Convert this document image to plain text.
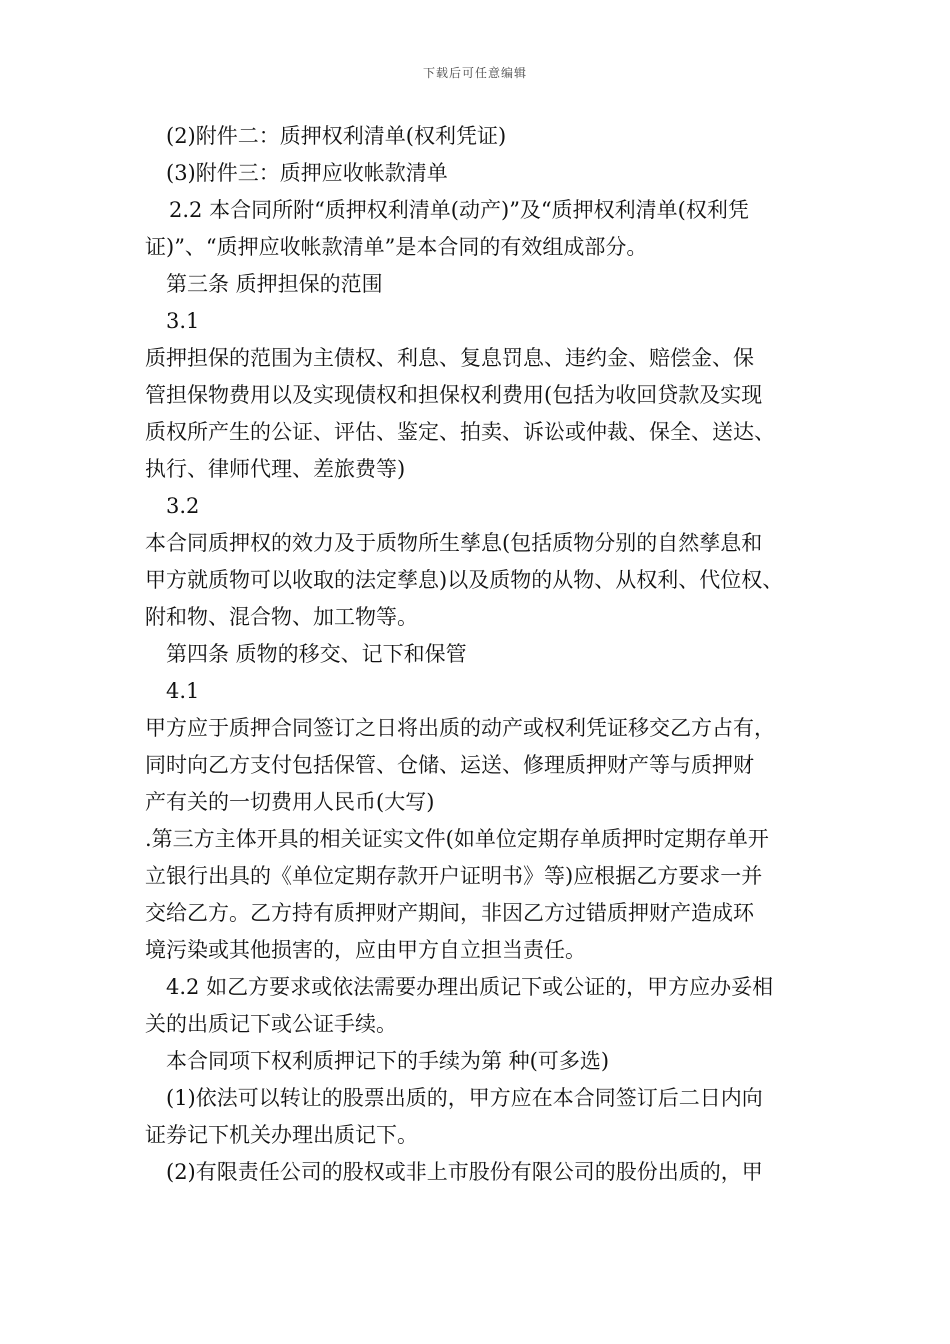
下载后可任意编辑

(2)附件二：质押权利清单(权利凭证)

(3)附件三：质押应收帐款清单

2.2 本合同所附“质押权利清单(动产)”及“质押权利清单(权利凭

证)”、“质押应收帐款清单”是本合同的有效组成部分。

第三条 质押担保的范围

3.1

质押担保的范围为主债权、利息、复息罚息、违约金、赔偿金、保

管担保物费用以及实现债权和担保权利费用(包括为收回贷款及实现

质权所产生的公证、评估、鉴定、拍卖、诉讼或仲裁、保全、送达、

执行、律师代理、差旅费等)

3.2

本合同质押权的效力及于质物所生孳息(包括质物分别的自然孳息和

甲方就质物可以收取的法定孳息)以及质物的从物、从权利、代位权、

附和物、混合物、加工物等。

第四条 质物的移交、记下和保管

4.1

甲方应于质押合同签订之日将出质的动产或权利凭证移交乙方占有，

同时向乙方支付包括保管、仓储、运送、修理质押财产等与质押财

产有关的一切费用人民币(大写)

.第三方主体开具的相关证实文件(如单位定期存单质押时定期存单开

立银行出具的《单位定期存款开户证明书》等)应根据乙方要求一并

交给乙方。乙方持有质押财产期间，非因乙方过错质押财产造成环

境污染或其他损害的，应由甲方自立担当责任。

4.2 如乙方要求或依法需要办理出质记下或公证的，甲方应办妥相

关的出质记下或公证手续。

本合同项下权利质押记下的手续为第 种(可多选)

(1)依法可以转让的股票出质的，甲方应在本合同签订后二日内向

证券记下机关办理出质记下。

(2)有限责任公司的股权或非上市股份有限公司的股份出质的，甲
